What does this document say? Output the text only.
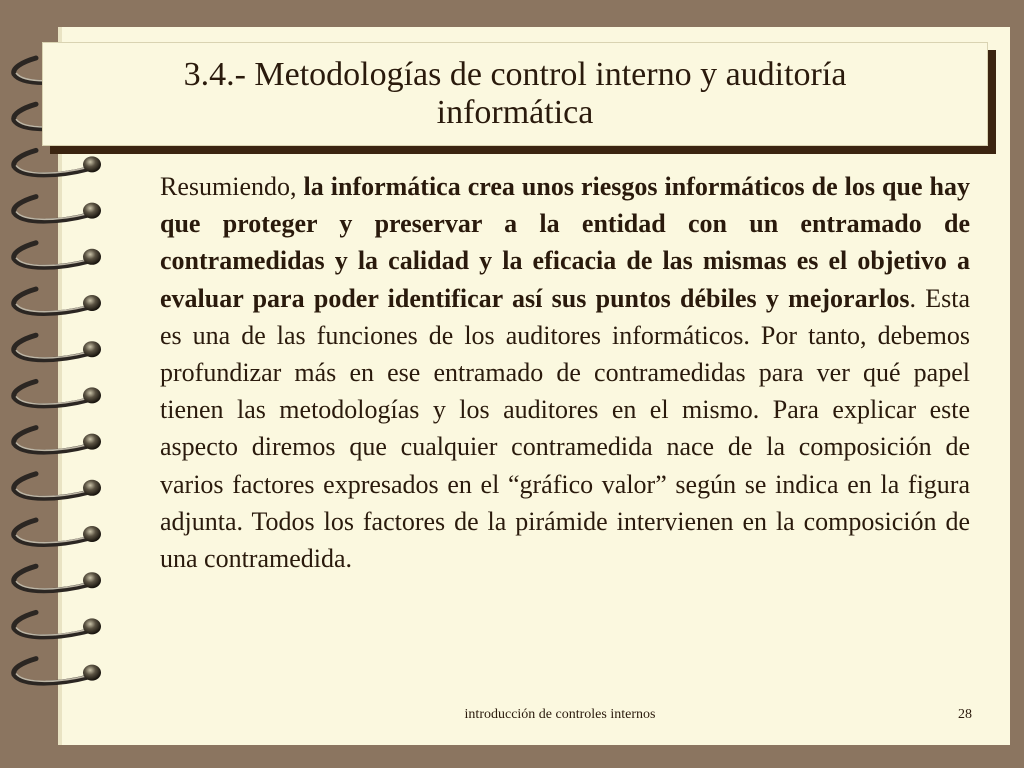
3.4.- Metodologías de control interno y auditoría informática

Resumiendo, la informática crea unos riesgos informáticos de los que hay que proteger y preservar a la entidad con un entramado de contramedidas y la calidad y la eficacia de las mismas es el objetivo a evaluar para poder identificar así sus puntos débiles y mejorarlos. Esta es una de las funciones de los auditores informáticos. Por tanto, debemos profundizar más en ese entramado de contramedidas para ver qué papel tienen las metodologías y los auditores en el mismo. Para explicar este aspecto diremos que cualquier contramedida nace de la composición de varios factores expresados en el “gráfico valor” según se indica en la figura adjunta. Todos los factores de la pirámide intervienen en la composición de una contramedida.

introducción de controles internos	28
